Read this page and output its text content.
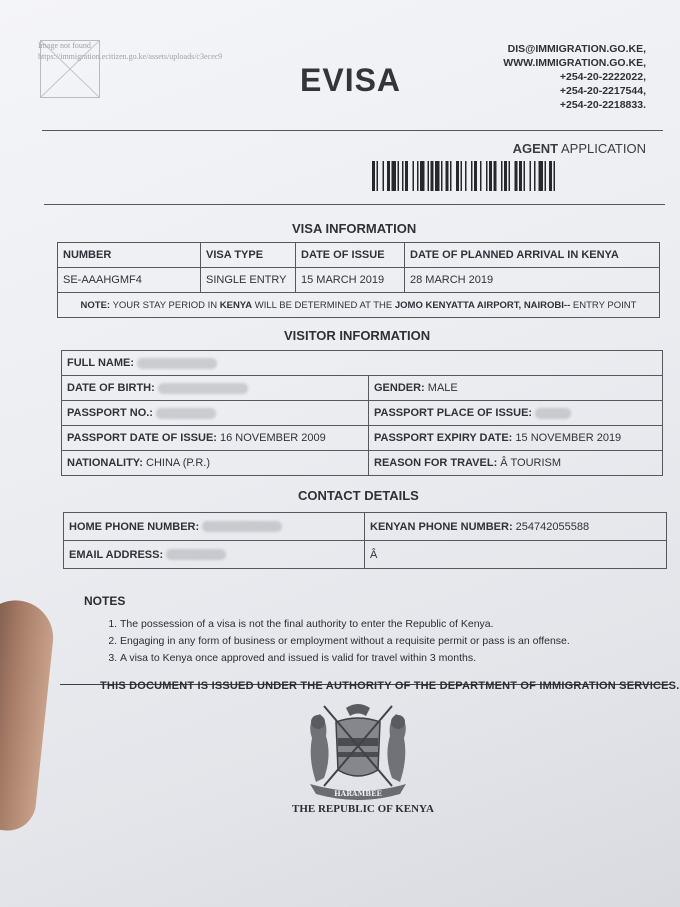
Image not found
https://immigration.ecitizen.go.ke/assets/uploads/c3ecec9
EVISA
DIS@IMMIGRATION.GO.KE,
WWW.IMMIGRATION.GO.KE,
+254-20-2222022,
+254-20-2217544,
+254-20-2218833.
AGENT APPLICATION
VISA INFORMATION
NUMBER	VISA TYPE	DATE OF ISSUE	DATE OF PLANNED ARRIVAL IN KENYA
SE-AAAHGMF4	SINGLE ENTRY	15 MARCH 2019	28 MARCH 2019
NOTE: YOUR STAY PERIOD IN KENYA WILL BE DETERMINED AT THE JOMO KENYATTA AIRPORT, NAIROBI-- ENTRY POINT			
VISITOR INFORMATION
FULL NAME:	
DATE OF BIRTH:	GENDER: MALE
PASSPORT NO.:	PASSPORT PLACE OF ISSUE:
PASSPORT DATE OF ISSUE: 16 NOVEMBER 2009	PASSPORT EXPIRY DATE: 15 NOVEMBER 2019
NATIONALITY: CHINA (P.R.)	REASON FOR TRAVEL: Â TOURISM
CONTACT DETAILS
HOME PHONE NUMBER:	KENYAN PHONE NUMBER: 254742055588
EMAIL ADDRESS:	Â
NOTES
1. The possession of a visa is not the final authority to enter the Republic of Kenya.
2. Engaging in any form of business or employment without a requisite permit or pass is an offense.
3. A visa to Kenya once approved and issued is valid for travel within 3 months.
THIS DOCUMENT IS ISSUED UNDER THE AUTHORITY OF THE DEPARTMENT OF IMMIGRATION SERVICES.
HARAMBEE
THE REPUBLIC OF KENYA
